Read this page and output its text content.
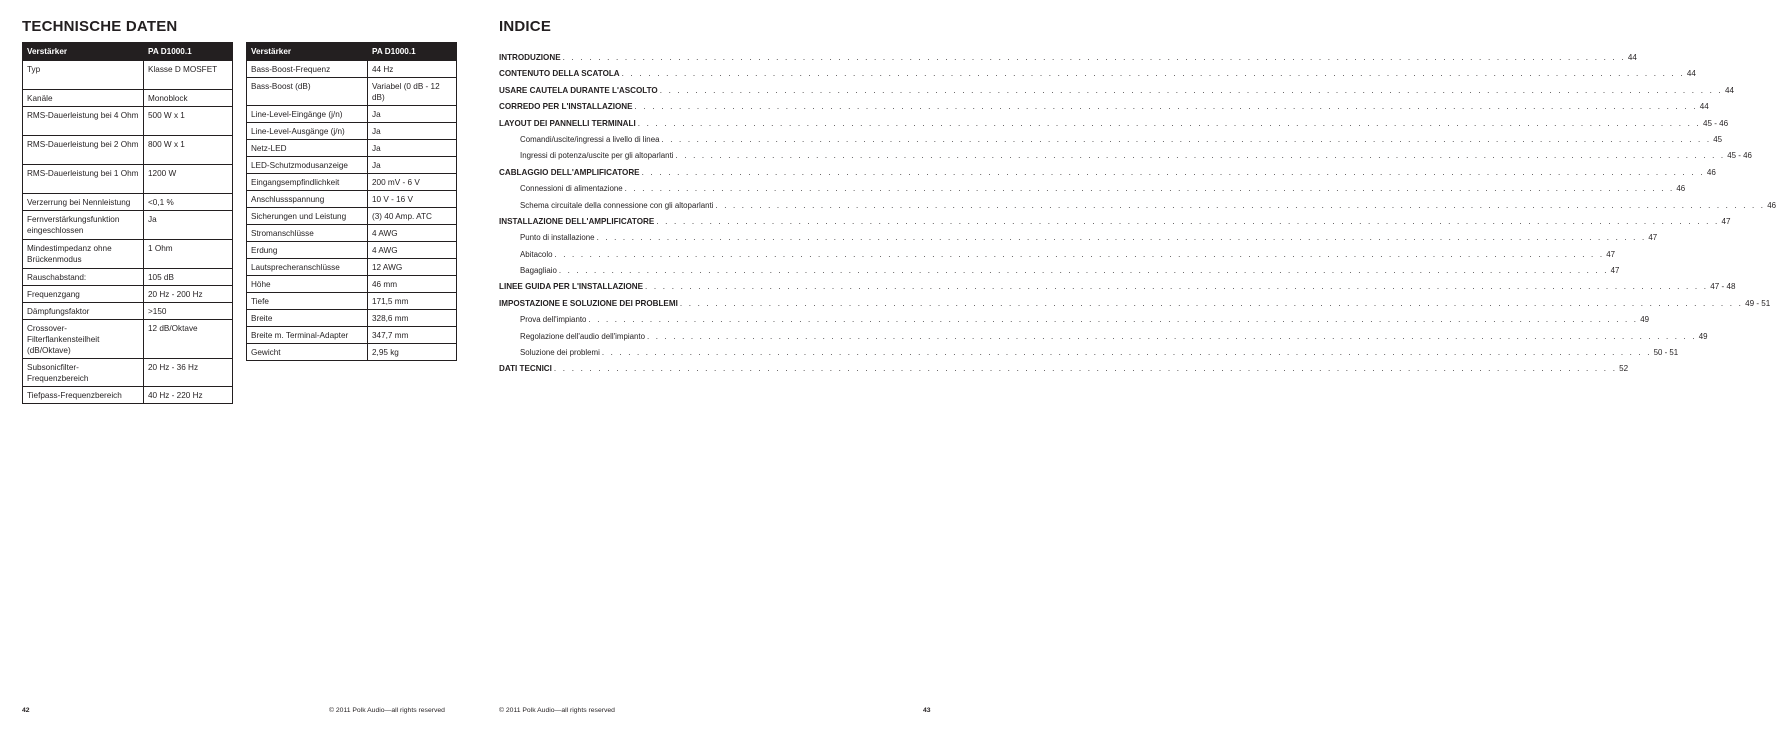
TECHNISCHE DATEN
Verstärker	PA D1000.1
Typ	Klasse D MOSFET
Kanäle	Monoblock
RMS-Dauerleistung bei 4 Ohm	500 W x 1
RMS-Dauerleistung bei 2 Ohm	800 W x 1
RMS-Dauerleistung bei 1 Ohm	1200 W
Verzerrung bei Nennleistung	<0,1 %
Fernverstärkungsfunktion eingeschlossen	Ja
Mindestimpedanz ohne Brückenmodus	1 Ohm
Rauschabstand:	105 dB
Frequenzgang	20 Hz - 200 Hz
Dämpfungsfaktor	>150
Crossover-Filterflankensteilheit (dB/Oktave)	12 dB/Oktave
Subsonicfilter-Frequenzbereich	20 Hz - 36 Hz
Tiefpass-Frequenzbereich	40 Hz - 220 Hz
Verstärker	PA D1000.1
Bass-Boost-Frequenz	44 Hz
Bass-Boost (dB)	Variabel (0 dB - 12 dB)
Line-Level-Eingänge (j/n)	Ja
Line-Level-Ausgänge (j/n)	Ja
Netz-LED	Ja
LED-Schutzmodusanzeige	Ja
Eingangsempfindlichkeit	200 mV - 6 V
Anschlussspannung	10 V - 16 V
Sicherungen und Leistung	(3) 40 Amp. ATC
Stromanschlüsse	4 AWG
Erdung	4 AWG
Lautsprecheranschlüsse	12 AWG
Höhe	46 mm
Tiefe	171,5 mm
Breite	328,6 mm
Breite m. Terminal-Adapter	347,7 mm
Gewicht	2,95 kg
42	© 2011 Polk Audio—all rights reserved
INDICE
INTRODUZIONE . . . . . . . . . . . . . . . . . . . . . . . . . . . . . . . . . . . . . . . . . . . . . . . . . . . . . . . . . . . . . . . . . . . . . . . . . . . . . . . . . . . . . . . . . . . . . . . . . . . . . . . . . . . . . . . . . . . . . . . . 44
CONTENUTO DELLA SCATOLA . . . . . . . . . . . . . . . . . . . . . . . . . . . . . . . . . . . . . . . . . . . . . . . . . . . . . . . . . . . . . . . . . . . . . . . . . . . . . . . . . . . . . . . . . . . . . . . . . . . . . . . . . . . . . . . . . . . . . . . . 44
USARE CAUTELA DURANTE L'ASCOLTO . . . . . . . . . . . . . . . . . . . . . . . . . . . . . . . . . . . . . . . . . . . . . . . . . . . . . . . . . . . . . . . . . . . . . . . . . . . . . . . . . . . . . . . . . . . . . . . . . . . . . . . . . . . . . . . . . . . . . . . . 44
CORREDO PER L'INSTALLAZIONE . . . . . . . . . . . . . . . . . . . . . . . . . . . . . . . . . . . . . . . . . . . . . . . . . . . . . . . . . . . . . . . . . . . . . . . . . . . . . . . . . . . . . . . . . . . . . . . . . . . . . . . . . . . . . . . . . . . . . . . . 44
LAYOUT DEI PANNELLI TERMINALI . . . . . . . . . . . . . . . . . . . . . . . . . . . . . . . . . . . . . . . . . . . . . . . . . . . . . . . . . . . . . . . . . . . . . . . . . . . . . . . . . . . . . . . . . . . . . . . . . . . . . . . . . . . . . . . . . . . . . . . . 45 - 46
Comandi/uscite/ingressi a livello di linea . . . . . . . . . . . . . . . . . . . . . . . . . . . . . . . . . . . . . . . . . . . . . . . . . . . . . . . . . . . . . . . . . . . . . . . . . . . . . . . . . . . . . . . . . . . . . . . . . . . . . . . . . . . . . . . . . . . . . . . . 45
Ingressi di potenza/uscite per gli altoparlanti . . . . . . . . . . . . . . . . . . . . . . . . . . . . . . . . . . . . . . . . . . . . . . . . . . . . . . . . . . . . . . . . . . . . . . . . . . . . . . . . . . . . . . . . . . . . . . . . . . . . . . . . . . . . . . . . . . . . . . . . 45 - 46
CABLAGGIO DELL'AMPLIFICATORE . . . . . . . . . . . . . . . . . . . . . . . . . . . . . . . . . . . . . . . . . . . . . . . . . . . . . . . . . . . . . . . . . . . . . . . . . . . . . . . . . . . . . . . . . . . . . . . . . . . . . . . . . . . . . . . . . . . . . . . . 46
Connessioni di alimentazione . . . . . . . . . . . . . . . . . . . . . . . . . . . . . . . . . . . . . . . . . . . . . . . . . . . . . . . . . . . . . . . . . . . . . . . . . . . . . . . . . . . . . . . . . . . . . . . . . . . . . . . . . . . . . . . . . . . . . . . . 46
Schema circuitale della connessione con gli altoparlanti . . . . . . . . . . . . . . . . . . . . . . . . . . . . . . . . . . . . . . . . . . . . . . . . . . . . . . . . . . . . . . . . . . . . . . . . . . . . . . . . . . . . . . . . . . . . . . . . . . . . . . . . . . . . . . . . . . . . . . . . 46
INSTALLAZIONE DELL'AMPLIFICATORE . . . . . . . . . . . . . . . . . . . . . . . . . . . . . . . . . . . . . . . . . . . . . . . . . . . . . . . . . . . . . . . . . . . . . . . . . . . . . . . . . . . . . . . . . . . . . . . . . . . . . . . . . . . . . . . . . . . . . . . . 47
Punto di installazione . . . . . . . . . . . . . . . . . . . . . . . . . . . . . . . . . . . . . . . . . . . . . . . . . . . . . . . . . . . . . . . . . . . . . . . . . . . . . . . . . . . . . . . . . . . . . . . . . . . . . . . . . . . . . . . . . . . . . . . . 47
Abitacolo . . . . . . . . . . . . . . . . . . . . . . . . . . . . . . . . . . . . . . . . . . . . . . . . . . . . . . . . . . . . . . . . . . . . . . . . . . . . . . . . . . . . . . . . . . . . . . . . . . . . . . . . . . . . . . . . . . . . . . . . 47
Bagagliaio . . . . . . . . . . . . . . . . . . . . . . . . . . . . . . . . . . . . . . . . . . . . . . . . . . . . . . . . . . . . . . . . . . . . . . . . . . . . . . . . . . . . . . . . . . . . . . . . . . . . . . . . . . . . . . . . . . . . . . . . 47
LINEE GUIDA PER L'INSTALLAZIONE . . . . . . . . . . . . . . . . . . . . . . . . . . . . . . . . . . . . . . . . . . . . . . . . . . . . . . . . . . . . . . . . . . . . . . . . . . . . . . . . . . . . . . . . . . . . . . . . . . . . . . . . . . . . . . . . . . . . . . . . 47 - 48
IMPOSTAZIONE E SOLUZIONE DEI PROBLEMI . . . . . . . . . . . . . . . . . . . . . . . . . . . . . . . . . . . . . . . . . . . . . . . . . . . . . . . . . . . . . . . . . . . . . . . . . . . . . . . . . . . . . . . . . . . . . . . . . . . . . . . . . . . . . . . . . . . . . . . . 49 - 51
Prova dell'impianto . . . . . . . . . . . . . . . . . . . . . . . . . . . . . . . . . . . . . . . . . . . . . . . . . . . . . . . . . . . . . . . . . . . . . . . . . . . . . . . . . . . . . . . . . . . . . . . . . . . . . . . . . . . . . . . . . . . . . . . . 49
Regolazione dell'audio dell'impianto . . . . . . . . . . . . . . . . . . . . . . . . . . . . . . . . . . . . . . . . . . . . . . . . . . . . . . . . . . . . . . . . . . . . . . . . . . . . . . . . . . . . . . . . . . . . . . . . . . . . . . . . . . . . . . . . . . . . . . . . 49
Soluzione dei problemi . . . . . . . . . . . . . . . . . . . . . . . . . . . . . . . . . . . . . . . . . . . . . . . . . . . . . . . . . . . . . . . . . . . . . . . . . . . . . . . . . . . . . . . . . . . . . . . . . . . . . . . . . . . . . . . . . . . . . . . . 50 - 51
DATI TECNICI . . . . . . . . . . . . . . . . . . . . . . . . . . . . . . . . . . . . . . . . . . . . . . . . . . . . . . . . . . . . . . . . . . . . . . . . . . . . . . . . . . . . . . . . . . . . . . . . . . . . . . . . . . . . . . . . . . . . . . . . 52
© 2011 Polk Audio—all rights reserved	43
